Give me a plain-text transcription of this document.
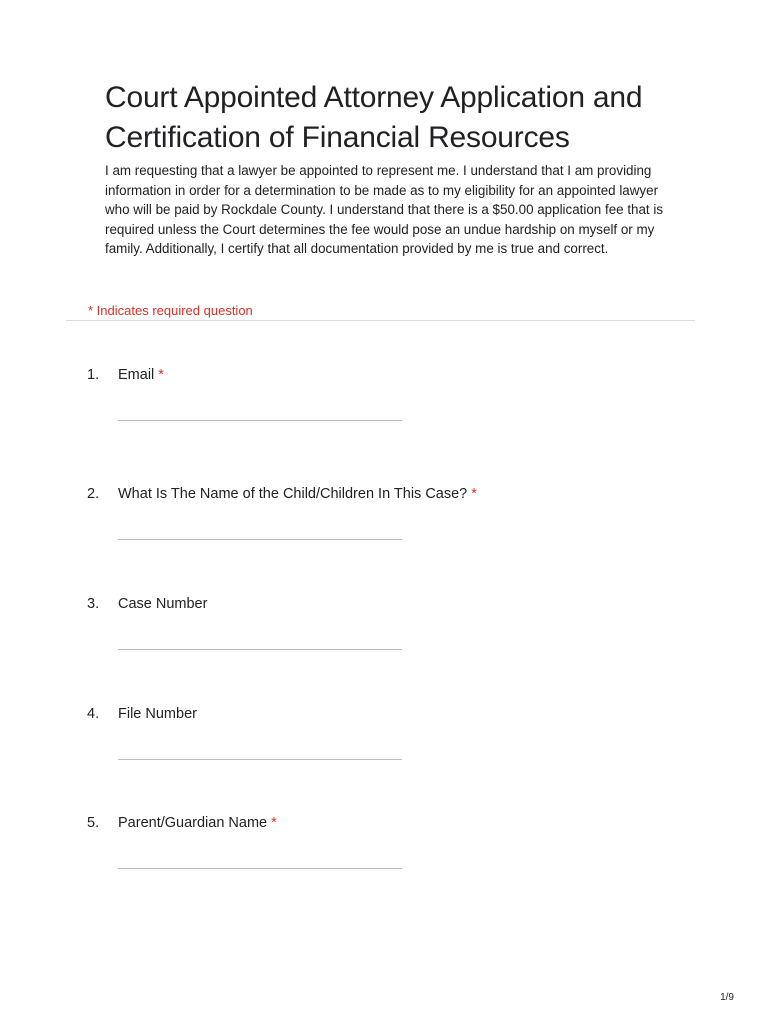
Court Appointed Attorney Application and Certification of Financial Resources

I am requesting that a lawyer be appointed to represent me. I understand that I am providing information in order for a determination to be made as to my eligibility for an appointed lawyer who will be paid by Rockdale County. I understand that there is a $50.00 application fee that is required unless the Court determines the fee would pose an undue hardship on myself or my family. Additionally, I certify that all documentation provided by me is true and correct.

* Indicates required question
1. Email *
2. What Is The Name of the Child/Children In This Case? *
3. Case Number
4. File Number
5. Parent/Guardian Name *
1/9
